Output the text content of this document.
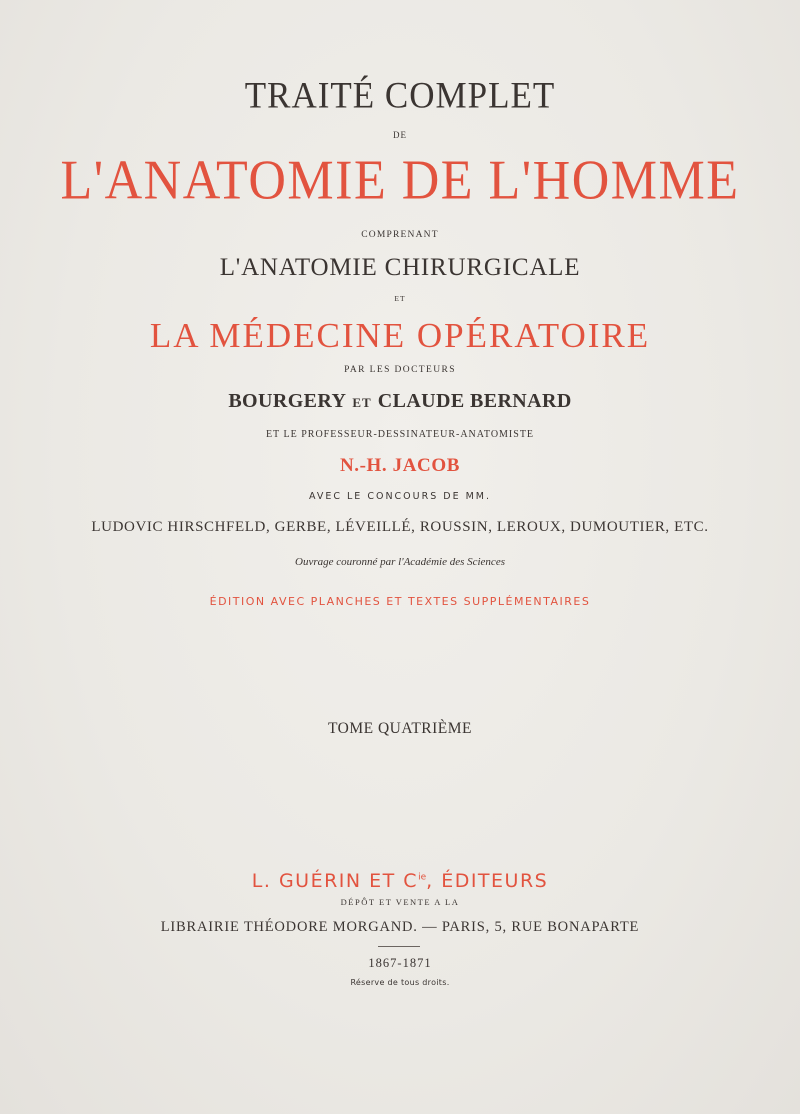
TRAITÉ COMPLET
DE
L'ANATOMIE DE L'HOMME
COMPRENANT
L'ANATOMIE CHIRURGICALE
ET
LA MÉDECINE OPÉRATOIRE
PAR LES DOCTEURS
BOURGERY ET CLAUDE BERNARD
ET LE PROFESSEUR-DESSINATEUR-ANATOMISTE
N.-H. JACOB
AVEC LE CONCOURS DE MM.
LUDOVIC HIRSCHFELD, GERBE, LÉVEILLÉ, ROUSSIN, LEROUX, DUMOUTIER, ETC.
Ouvrage couronné par l'Académie des Sciences
ÉDITION AVEC PLANCHES ET TEXTES SUPPLÉMENTAIRES
TOME QUATRIÈME
L. GUÉRIN ET $C^{ie}$, ÉDITEURS
DÉPÔT ET VENTE A LA
LIBRAIRIE THÉODORE MORGAND. — PARIS, 5, RUE BONAPARTE
1867-1871
Réserve de tous droits.
